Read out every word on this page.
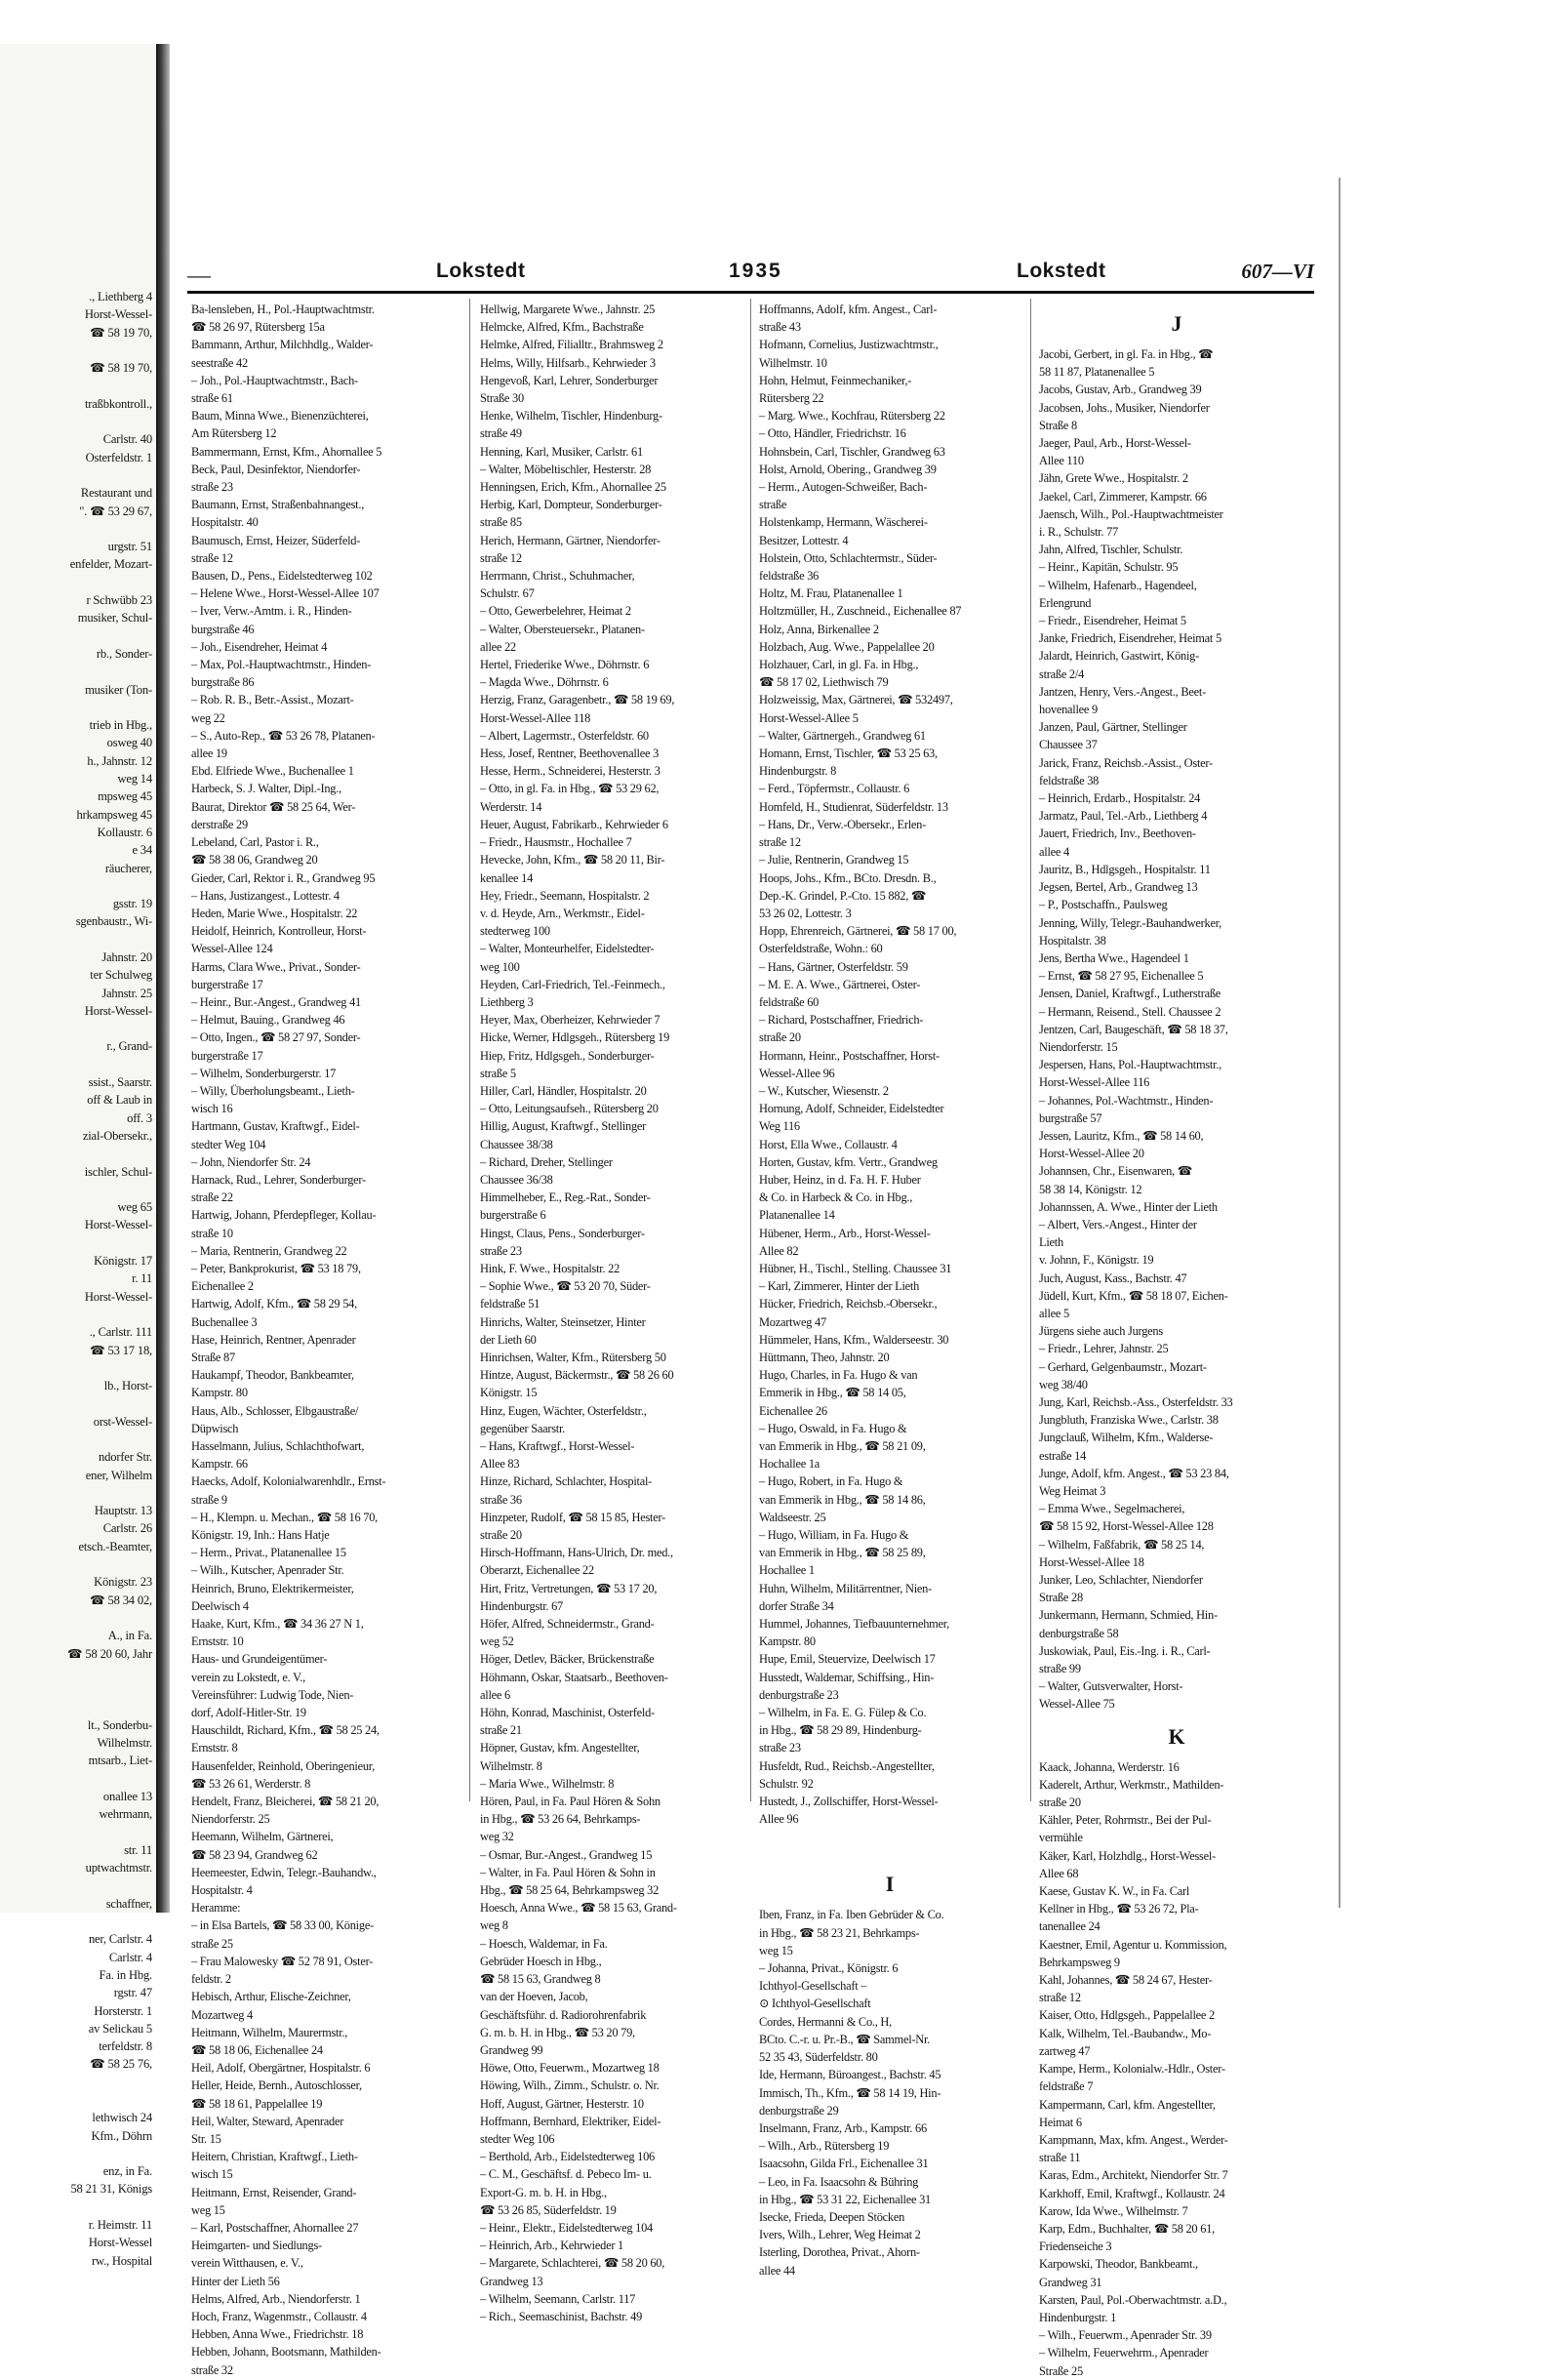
., Liethberg 4
Horst-Wessel-
☎ 58 19 70,

☎ 58 19 70,

traßbkontroll.,

Carlstr. 40
Osterfeldstr. 1

Restaurant und
". ☎ 53 29 67,

urgstr. 51
enfelder, Mozart-

r Schwübb 23
musiker, Schul-

rb., Sonder-

musiker (Ton-

trieb in Hbg.,
osweg 40
h., Jahnstr. 12
weg 14
mpsweg 45
hrkampsweg 45
Kollaustr. 6
e 34
räucherer,

gsstr. 19
sgenbaustr., Wi-

Jahnstr. 20
ter Schulweg
Jahnstr. 25
Horst-Wessel-

r., Grand-

ssist., Saarstr.
off & Laub in
off. 3
zial-Obersekr.,

ischler, Schul-

weg 65
Horst-Wessel-

Königstr. 17
r. 11
Horst-Wessel-

., Carlstr. 111
☎ 53 17 18,

lb., Horst-

orst-Wessel-

ndorfer Str.
ener, Wilhelm

Hauptstr. 13
Carlstr. 26
etsch.-Beamter,

Königstr. 23
☎ 58 34 02,

A., in Fa.
☎ 58 20 60, Jahr

lt., Sonderbu-
Wilhelmstr.
mtsarb., Liet-

onallee 13
wehrmann,

str. 11
uptwachtmstr.

schaffner,

ner, Carlstr. 4
Carlstr. 4
Fa. in Hbg.
rgstr. 47
Horsterstr. 1
av Selickau 5
terfeldstr. 8
☎ 58 25 76,

lethwisch 24
Kfm., Döhrn

enz, in Fa.
58 21 31, Königs

r. Heimstr. 11
Horst-Wessel
rw., Hospital
——	Lokstedt	1935	Lokstedt	607—VI
Ba-lensleben, H., Pol.-Hauptwachtmstr.
☎ 58 26 97, Rütersberg 15a
Bammann, Arthur, Milchhdlg., Walder-
seestraße 42
– Joh., Pol.-Hauptwachtmstr., Bach-
straße 61
Baum, Minna Wwe., Bienenzüchterei,
Am Rütersberg 12
Bammermann, Ernst, Kfm., Ahornallee 5
Beck, Paul, Desinfektor, Niendorfer-
straße 23
Baumann, Ernst, Straßenbahnangest.,
Hospitalstr. 40
Baumusch, Ernst, Heizer, Süderfeld-
straße 12
Bausen, D., Pens., Eidelstedterweg 102
– Helene Wwe., Horst-Wessel-Allee 107
– Iver, Verw.-Amtm. i. R., Hinden-
burgstraße 46
– Joh., Eisendreher, Heimat 4
– Max, Pol.-Hauptwachtmstr., Hinden-
burgstraße 86
– Rob. R. B., Betr.-Assist., Mozart-
weg 22
– S., Auto-Rep., ☎ 53 26 78, Platanen-
allee 19
Ebd. Elfriede Wwe., Buchenallee 1
Harbeck, S. J. Walter, Dipl.-Ing.,
Baurat, Direktor ☎ 58 25 64, Wer-
derstraße 29
Lebeland, Carl, Pastor i. R.,
☎ 58 38 06, Grandweg 20
Gieder, Carl, Rektor i. R., Grandweg 95
– Hans, Justizangest., Lottestr. 4
Heden, Marie Wwe., Hospitalstr. 22
Heidolf, Heinrich, Kontrolleur, Horst-
Wessel-Allee 124
Harms, Clara Wwe., Privat., Sonder-
burgerstraße 17
– Heinr., Bur.-Angest., Grandweg 41
– Helmut, Bauing., Grandweg 46
– Otto, Ingen., ☎ 58 27 97, Sonder-
burgerstraße 17
– Wilhelm, Sonderburgerstr. 17
– Willy, Überholungsbeamt., Lieth-
wisch 16
Hartmann, Gustav, Kraftwgf., Eidel-
stedter Weg 104
– John, Niendorfer Str. 24
Harnack, Rud., Lehrer, Sonderburger-
straße 22
Hartwig, Johann, Pferdepfleger, Kollau-
straße 10
– Maria, Rentnerin, Grandweg 22
– Peter, Bankprokurist, ☎ 53 18 79,
Eichenallee 2
Hartwig, Adolf, Kfm., ☎ 58 29 54,
Buchenallee 3
Hase, Heinrich, Rentner, Apenrader
Straße 87
Haukampf, Theodor, Bankbeamter,
Kampstr. 80
Haus, Alb., Schlosser, Elbgaustraße/
Düpwisch
Hasselmann, Julius, Schlachthofwart,
Kampstr. 66
Haecks, Adolf, Kolonialwarenhdlr., Ernst-
straße 9
– H., Klempn. u. Mechan., ☎ 58 16 70,
Königstr. 19, Inh.: Hans Hatje
– Herm., Privat., Platanenallee 15
– Wilh., Kutscher, Apenrader Str.
Heinrich, Bruno, Elektrikermeister,
Deelwisch 4
Haake, Kurt, Kfm., ☎ 34 36 27 N 1,
Ernststr. 10
Haus- und Grundeigentümer-
verein zu Lokstedt, e. V.,
Vereinsführer: Ludwig Tode, Nien-
dorf, Adolf-Hitler-Str. 19
Hauschildt, Richard, Kfm., ☎ 58 25 24,
Ernststr. 8
Hausenfelder, Reinhold, Oberingenieur,
☎ 53 26 61, Werderstr. 8
Hendelt, Franz, Bleicherei, ☎ 58 21 20,
Niendorferstr. 25
Heemann, Wilhelm, Gärtnerei,
☎ 58 23 94, Grandweg 62
Heemeester, Edwin, Telegr.-Bauhandw.,
Hospitalstr. 4
Heramme:
– in Elsa Bartels, ☎ 58 33 00, Könige-
straße 25
– Frau Malowesky ☎ 52 78 91, Oster-
feldstr. 2
Hebisch, Arthur, Elische-Zeichner,
Mozartweg 4
Heitmann, Wilhelm, Maurermstr.,
☎ 58 18 06, Eichenallee 24
Heil, Adolf, Obergärtner, Hospitalstr. 6
Heller, Heide, Bernh., Autoschlosser,
☎ 58 18 61, Pappelallee 19
Heil, Walter, Steward, Apenrader
Str. 15
Heitern, Christian, Kraftwgf., Lieth-
wisch 15
Heitmann, Ernst, Reisender, Grand-
weg 15
– Karl, Postschaffner, Ahornallee 27
Heimgarten- und Siedlungs-
verein Witthausen, e. V.,
Hinter der Lieth 56
Helms, Alfred, Arb., Niendorferstr. 1
Hoch, Franz, Wagenmstr., Collaustr. 4
Hebben, Anna Wwe., Friedrichstr. 18
Hebben, Johann, Bootsmann, Mathilden-
straße 32
Hellwig, Margarete Wwe., Jahnstr. 25
Helmcke, Alfred, Kfm., Bachstraße
Helmke, Alfred, Filialltr., Brahmsweg 2
Helms, Willy, Hilfsarb., Kehrwieder 3
Hengevoß, Karl, Lehrer, Sonderburger
Straße 30
Henke, Wilhelm, Tischler, Hindenburg-
straße 49
Henning, Karl, Musiker, Carlstr. 61
– Walter, Möbeltischler, Hesterstr. 28
Henningsen, Erich, Kfm., Ahornallee 25
Herbig, Karl, Dompteur, Sonderburger-
straße 85
Herich, Hermann, Gärtner, Niendorfer-
straße 12
Herrmann, Christ., Schuhmacher,
Schulstr. 67
– Otto, Gewerbelehrer, Heimat 2
– Walter, Obersteuersekr., Platanen-
allee 22
Hertel, Friederike Wwe., Döhrnstr. 6
– Magda Wwe., Döhrnstr. 6
Herzig, Franz, Garagenbetr., ☎ 58 19 69,
Horst-Wessel-Allee 118
– Albert, Lagermstr., Osterfeldstr. 60
Hess, Josef, Rentner, Beethovenallee 3
Hesse, Herm., Schneiderei, Hesterstr. 3
– Otto, in gl. Fa. in Hbg., ☎ 53 29 62,
Werderstr. 14
Heuer, August, Fabrikarb., Kehrwieder 6
– Friedr., Hausmstr., Hochallee 7
Hevecke, John, Kfm., ☎ 58 20 11, Bir-
kenallee 14
Hey, Friedr., Seemann, Hospitalstr. 2
v. d. Heyde, Arn., Werkmstr., Eidel-
stedterweg 100
– Walter, Monteurhelfer, Eidelstedter-
weg 100
Heyden, Carl-Friedrich, Tel.-Feinmech.,
Liethberg 3
Heyer, Max, Oberheizer, Kehrwieder 7
Hicke, Werner, Hdlgsgeh., Rütersberg 19
Hiep, Fritz, Hdlgsgeh., Sonderburger-
straße 5
Hiller, Carl, Händler, Hospitalstr. 20
– Otto, Leitungsaufseh., Rütersberg 20
Hillig, August, Kraftwgf., Stellinger
Chaussee 38/38
– Richard, Dreher, Stellinger
Chaussee 36/38
Himmelheber, E., Reg.-Rat., Sonder-
burgerstraße 6
Hingst, Claus, Pens., Sonderburger-
straße 23
Hink, F. Wwe., Hospitalstr. 22
– Sophie Wwe., ☎ 53 20 70, Süder-
feldstraße 51
Hinrichs, Walter, Steinsetzer, Hinter
der Lieth 60
Hinrichsen, Walter, Kfm., Rütersberg 50
Hintze, August, Bäckermstr., ☎ 58 26 60
Königstr. 15
Hinz, Eugen, Wächter, Osterfeldstr.,
gegenüber Saarstr.
– Hans, Kraftwgf., Horst-Wessel-
Allee 83
Hinze, Richard, Schlachter, Hospital-
straße 36
Hinzpeter, Rudolf, ☎ 58 15 85, Hester-
straße 20
Hirsch-Hoffmann, Hans-Ulrich, Dr. med.,
Oberarzt, Eichenallee 22
Hirt, Fritz, Vertretungen, ☎ 53 17 20,
Hindenburgstr. 67
Höfer, Alfred, Schneidermstr., Grand-
weg 52
Höger, Detlev, Bäcker, Brückenstraße
Höhmann, Oskar, Staatsarb., Beethoven-
allee 6
Höhn, Konrad, Maschinist, Osterfeld-
straße 21
Höpner, Gustav, kfm. Angestellter,
Wilhelmstr. 8
– Maria Wwe., Wilhelmstr. 8
Hören, Paul, in Fa. Paul Hören & Sohn
in Hbg., ☎ 53 26 64, Behrkamps-
weg 32
– Osmar, Bur.-Angest., Grandweg 15
– Walter, in Fa. Paul Hören & Sohn in
Hbg., ☎ 58 25 64, Behrkampsweg 32
Hoesch, Anna Wwe., ☎ 58 15 63, Grand-
weg 8
– Hoesch, Waldemar, in Fa.
Gebrüder Hoesch in Hbg.,
☎ 58 15 63, Grandweg 8
van der Hoeven, Jacob,
Geschäftsführ. d. Radiorohrenfabrik
G. m. b. H. in Hbg., ☎ 53 20 79,
Grandweg 99
Höwe, Otto, Feuerwm., Mozartweg 18
Höwing, Wilh., Zimm., Schulstr. o. Nr.
Hoff, August, Gärtner, Hesterstr. 10
Hoffmann, Bernhard, Elektriker, Eidel-
stedter Weg 106
– Berthold, Arb., Eidelstedterweg 106
– C. M., Geschäftsf. d. Pebeco Im- u.
Export-G. m. b. H. in Hbg.,
☎ 53 26 85, Süderfeldstr. 19
– Heinr., Elektr., Eidelstedterweg 104
– Heinrich, Arb., Kehrwieder 1
– Margarete, Schlachterei, ☎ 58 20 60,
Grandweg 13
– Wilhelm, Seemann, Carlstr. 117
– Rich., Seemaschinist, Bachstr. 49
Hoffmanns, Adolf, kfm. Angest., Carl-
straße 43
Hofmann, Cornelius, Justizwachtmstr.,
Wilhelmstr. 10
Hohn, Helmut, Feinmechaniker,-
Rütersberg 22
– Marg. Wwe., Kochfrau, Rütersberg 22
– Otto, Händler, Friedrichstr. 16
Hohnsbein, Carl, Tischler, Grandweg 63
Holst, Arnold, Obering., Grandweg 39
– Herm., Autogen-Schweißer, Bach-
straße
Holstenkamp, Hermann, Wäscherei-
Besitzer, Lottestr. 4
Holstein, Otto, Schlachtermstr., Süder-
feldstraße 36
Holtz, M. Frau, Platanenallee 1
Holtzmüller, H., Zuschneid., Eichenallee 87
Holz, Anna, Birkenallee 2
Holzbach, Aug. Wwe., Pappelallee 20
Holzhauer, Carl, in gl. Fa. in Hbg.,
☎ 58 17 02, Liethwisch 79
Holzweissig, Max, Gärtnerei, ☎ 532497,
Horst-Wessel-Allee 5
– Walter, Gärtnergeh., Grandweg 61
Homann, Ernst, Tischler, ☎ 53 25 63,
Hindenburgstr. 8
– Ferd., Töpfermstr., Collaustr. 6
Homfeld, H., Studienrat, Süderfeldstr. 13
– Hans, Dr., Verw.-Obersekr., Erlen-
straße 12
– Julie, Rentnerin, Grandweg 15
Hoops, Johs., Kfm., BCto. Dresdn. B.,
Dep.-K. Grindel, P.-Cto. 15 882, ☎
53 26 02, Lottestr. 3
Hopp, Ehrenreich, Gärtnerei, ☎ 58 17 00,
Osterfeldstraße, Wohn.: 60
– Hans, Gärtner, Osterfeldstr. 59
– M. E. A. Wwe., Gärtnerei, Oster-
feldstraße 60
– Richard, Postschaffner, Friedrich-
straße 20
Hormann, Heinr., Postschaffner, Horst-
Wessel-Allee 96
– W., Kutscher, Wiesenstr. 2
Hornung, Adolf, Schneider, Eidelstedter
Weg 116
Horst, Ella Wwe., Collaustr. 4
Horten, Gustav, kfm. Vertr., Grandweg
Huber, Heinz, in d. Fa. H. F. Huber
& Co. in Harbeck & Co. in Hbg.,
Platanenallee 14
Hübener, Herm., Arb., Horst-Wessel-
Allee 82
Hübner, H., Tischl., Stelling. Chaussee 31
– Karl, Zimmerer, Hinter der Lieth
Hücker, Friedrich, Reichsb.-Obersekr.,
Mozartweg 47
Hümmeler, Hans, Kfm., Walderseestr. 30
Hüttmann, Theo, Jahnstr. 20
Hugo, Charles, in Fa. Hugo & van
Emmerik in Hbg., ☎ 58 14 05,
Eichenallee 26
– Hugo, Oswald, in Fa. Hugo &
van Emmerik in Hbg., ☎ 58 21 09,
Hochallee 1a
– Hugo, Robert, in Fa. Hugo &
van Emmerik in Hbg., ☎ 58 14 86,
Waldseestr. 25
– Hugo, William, in Fa. Hugo &
van Emmerik in Hbg., ☎ 58 25 89,
Hochallee 1
Huhn, Wilhelm, Militärrentner, Nien-
dorfer Straße 34
Hummel, Johannes, Tiefbauunternehmer,
Kampstr. 80
Hupe, Emil, Steuervize, Deelwisch 17
Husstedt, Waldemar, Schiffsing., Hin-
denburgstraße 23
– Wilhelm, in Fa. E. G. Fülep & Co.
in Hbg., ☎ 58 29 89, Hindenburg-
straße 23
Husfeldt, Rud., Reichsb.-Angestellter,
Schulstr. 92
Hustedt, J., Zollschiffer, Horst-Wessel-
Allee 96
I
Iben, Franz, in Fa. Iben Gebrüder & Co.
in Hbg., ☎ 58 23 21, Behrkamps-
weg 15
– Johanna, Privat., Königstr. 6
Ichthyol-Gesellschaft –
⊙ Ichthyol-Gesellschaft
Cordes, Hermanni & Co., H,
BCto. C.-r. u. Pr.-B., ☎ Sammel-Nr.
52 35 43, Süderfeldstr. 80
Ide, Hermann, Büroangest., Bachstr. 45
Immisch, Th., Kfm., ☎ 58 14 19, Hin-
denburgstraße 29
Inselmann, Franz, Arb., Kampstr. 66
– Wilh., Arb., Rütersberg 19
Isaacsohn, Gilda Frl., Eichenallee 31
– Leo, in Fa. Isaacsohn & Bühring
in Hbg., ☎ 53 31 22, Eichenallee 31
Isecke, Frieda, Deepen Stöcken
Ivers, Wilh., Lehrer, Weg Heimat 2
Isterling, Dorothea, Privat., Ahorn-
allee 44
J
Jacobi, Gerbert, in gl. Fa. in Hbg., ☎
58 11 87, Platanenallee 5
Jacobs, Gustav, Arb., Grandweg 39
Jacobsen, Johs., Musiker, Niendorfer
Straße 8
Jaeger, Paul, Arb., Horst-Wessel-
Allee 110
Jähn, Grete Wwe., Hospitalstr. 2
Jaekel, Carl, Zimmerer, Kampstr. 66
Jaensch, Wilh., Pol.-Hauptwachtmeister
i. R., Schulstr. 77
Jahn, Alfred, Tischler, Schulstr.
– Heinr., Kapitän, Schulstr. 95
– Wilhelm, Hafenarb., Hagendeel,
Erlengrund
– Friedr., Eisendreher, Heimat 5
Janke, Friedrich, Eisendreher, Heimat 5
Jalardt, Heinrich, Gastwirt, König-
straße 2/4
Jantzen, Henry, Vers.-Angest., Beet-
hovenallee 9
Janzen, Paul, Gärtner, Stellinger
Chaussee 37
Jarick, Franz, Reichsb.-Assist., Oster-
feldstraße 38
– Heinrich, Erdarb., Hospitalstr. 24
Jarmatz, Paul, Tel.-Arb., Liethberg 4
Jauert, Friedrich, Inv., Beethoven-
allee 4
Jauritz, B., Hdlgsgeh., Hospitalstr. 11
Jegsen, Bertel, Arb., Grandweg 13
– P., Postschaffn., Paulsweg
Jenning, Willy, Telegr.-Bauhandwerker,
Hospitalstr. 38
Jens, Bertha Wwe., Hagendeel 1
– Ernst, ☎ 58 27 95, Eichenallee 5
Jensen, Daniel, Kraftwgf., Lutherstraße
– Hermann, Reisend., Stell. Chaussee 2
Jentzen, Carl, Baugeschäft, ☎ 58 18 37,
Niendorferstr. 15
Jespersen, Hans, Pol.-Hauptwachtmstr.,
Horst-Wessel-Allee 116
– Johannes, Pol.-Wachtmstr., Hinden-
burgstraße 57
Jessen, Lauritz, Kfm., ☎ 58 14 60,
Horst-Wessel-Allee 20
Johannsen, Chr., Eisenwaren, ☎
58 38 14, Königstr. 12
Johannssen, A. Wwe., Hinter der Lieth
– Albert, Vers.-Angest., Hinter der
Lieth
v. Johnn, F., Königstr. 19
Juch, August, Kass., Bachstr. 47
Jüdell, Kurt, Kfm., ☎ 58 18 07, Eichen-
allee 5
Jürgens siehe auch Jurgens
– Friedr., Lehrer, Jahnstr. 25
– Gerhard, Gelgenbaumstr., Mozart-
weg 38/40
Jung, Karl, Reichsb.-Ass., Osterfeldstr. 33
Jungbluth, Franziska Wwe., Carlstr. 38
Jungclauß, Wilhelm, Kfm., Walderse-
estraße 14
Junge, Adolf, kfm. Angest., ☎ 53 23 84,
Weg Heimat 3
– Emma Wwe., Segelmacherei,
☎ 58 15 92, Horst-Wessel-Allee 128
– Wilhelm, Faßfabrik, ☎ 58 25 14,
Horst-Wessel-Allee 18
Junker, Leo, Schlachter, Niendorfer
Straße 28
Junkermann, Hermann, Schmied, Hin-
denburgstraße 58
Juskowiak, Paul, Eis.-Ing. i. R., Carl-
straße 99
– Walter, Gutsverwalter, Horst-
Wessel-Allee 75
K
Kaack, Johanna, Werderstr. 16
Kaderelt, Arthur, Werkmstr., Mathilden-
straße 20
Kähler, Peter, Rohrmstr., Bei der Pul-
vermühle
Käker, Karl, Holzhdlg., Horst-Wessel-
Allee 68
Kaese, Gustav K. W., in Fa. Carl
Kellner in Hbg., ☎ 53 26 72, Pla-
tanenallee 24
Kaestner, Emil, Agentur u. Kommission,
Behrkampsweg 9
Kahl, Johannes, ☎ 58 24 67, Hester-
straße 12
Kaiser, Otto, Hdlgsgeh., Pappelallee 2
Kalk, Wilhelm, Tel.-Baubandw., Mo-
zartweg 47
Kampe, Herm., Kolonialw.-Hdlr., Oster-
feldstraße 7
Kampermann, Carl, kfm. Angestellter,
Heimat 6
Kampmann, Max, kfm. Angest., Werder-
straße 11
Karas, Edm., Architekt, Niendorfer Str. 7
Karkhoff, Emil, Kraftwgf., Kollaustr. 24
Karow, Ida Wwe., Wilhelmstr. 7
Karp, Edm., Buchhalter, ☎ 58 20 61,
Friedenseiche 3
Karpowski, Theodor, Bankbeamt.,
Grandweg 31
Karsten, Paul, Pol.-Oberwachtmstr. a.D.,
Hindenburgstr. 1
– Wilh., Feuerwm., Apenrader Str. 39
– Wilhelm, Feuerwehrm., Apenrader
Straße 25
